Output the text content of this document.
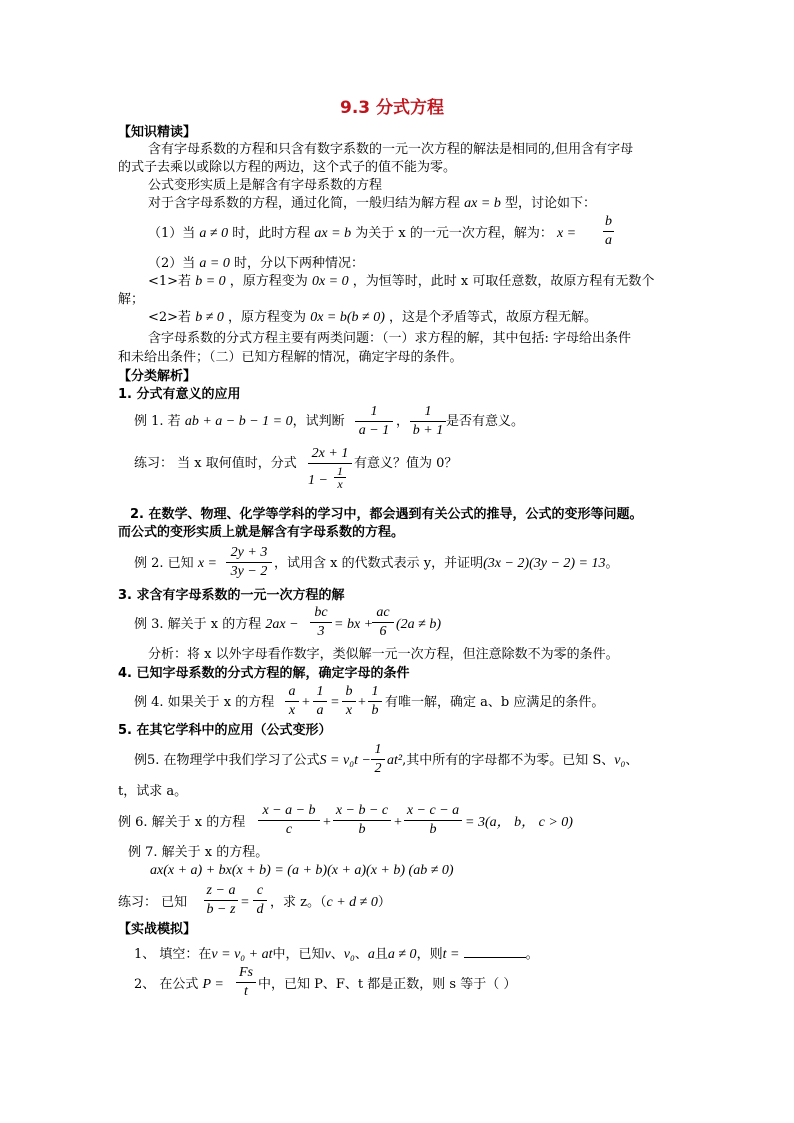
9.3 分式方程
【知识精读】
含有字母系数的方程和只含有数字系数的一元一次方程的解法是相同的,但用含有字母
的式子去乘以或除以方程的两边，这个式子的值不能为零。
公式变形实质上是解含有字母系数的方程
对于含字母系数的方程，通过化简，一般归结为解方程 ax = b 型，讨论如下：
（1）当 a ≠ 0 时，此时方程 ax = b 为关于 x 的一元一次方程，解为： x =
b
a
（2）当 a = 0 时，分以下两种情况：
<1>若 b = 0 ，原方程变为 0x = 0 ，为恒等时，此时 x 可取任意数，故原方程有无数个
解；
<2>若 b ≠ 0 ，原方程变为 0x = b(b ≠ 0) ，这是个矛盾等式，故原方程无解。
含字母系数的分式方程主要有两类问题：（一）求方程的解，其中包括: 字母给出条件
和未给出条件；（二）已知方程解的情况，确定字母的条件。
【分类解析】
1. 分式有意义的应用
例 1. 若 ab + a − b − 1 = 0，试判断
1
a − 1
，
1
b + 1
是否有意义。
练习： 当 x 取何值时，分式
2x + 1
1 −
1
x
有意义？值为 0？
2. 在数学、物理、化学等学科的学习中，都会遇到有关公式的推导，公式的变形等问题。
而公式的变形实质上就是解含有字母系数的方程。
例 2. 已知 x =
2y + 3
3y − 2
，试用含 x 的代数式表示 y，并证明(3x − 2)(3y − 2) = 13。
3. 求含有字母系数的一元一次方程的解
例 3. 解关于 x 的方程 2ax −
bc
3 = bx +
ac
6 (2a ≠ b)
分析：将 x 以外字母看作数字，类似解一元一次方程，但注意除数不为零的条件。
4. 已知字母系数的分式方程的解，确定字母的条件
例 4. 如果关于 x 的方程
a
x
+
1
a
=
b
x
+
1
b
有唯一解，确定 a、b 应满足的条件。
5. 在其它学科中的应用（公式变形）
例5. 在物理学中我们学习了公式S = v₀t −
1
2
at²,其中所有的字母都不为零。已知 S、v₀、
t，试求 a。
例 6. 解关于 x 的方程
x − a − b
c	+
x − b − c
b	+
x − c − a
b	= 3(a， b， c > 0)
例 7. 解关于 x 的方程。
ax(x + a) + bx(x + b) = (a + b)(x + a)(x + b) (ab ≠ 0)
练习： 已知
z − a
b − z =
c
d ，求 z。（c + d ≠ 0）
【实战模拟】
1、 填空：在v = v₀ + at中，已知v、v₀、a且a ≠ 0，则t =	。
2、 在公式 P =
Fs
t 中，已知 P、F、t 都是正数，则 s 等于（ ）
